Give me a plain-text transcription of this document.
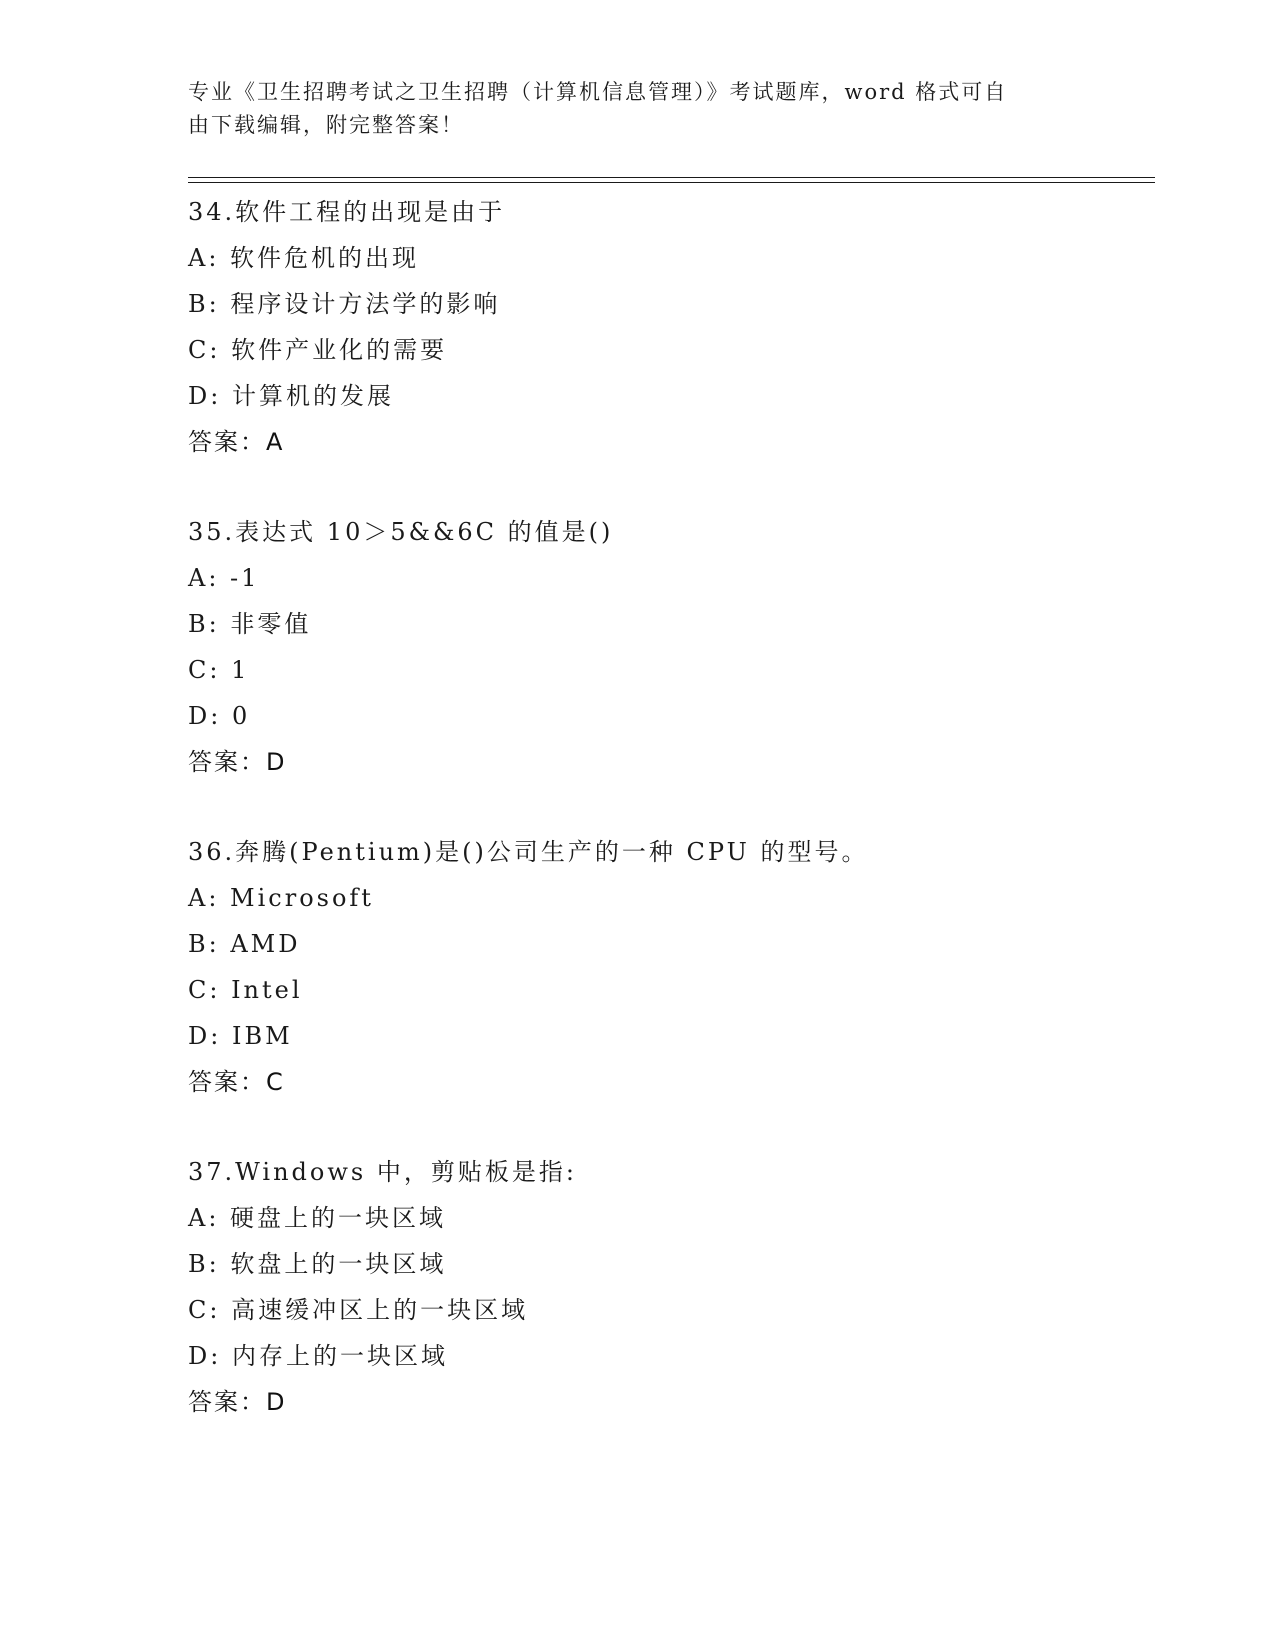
专业《卫生招聘考试之卫生招聘（计算机信息管理）》考试题库，word 格式可自

由下载编辑，附完整答案！

34.软件工程的出现是由于
A: 软件危机的出现
B: 程序设计方法学的影响
C: 软件产业化的需要
D: 计算机的发展
答案：A
35.表达式 10＞5&&6C 的值是()
A: -1
B: 非零值
C: 1
D: 0
答案：D
36.奔腾(Pentium)是()公司生产的一种 CPU 的型号。
A: Microsoft
B: AMD
C: Intel
D: IBM
答案：C
37.Windows 中，剪贴板是指:
A: 硬盘上的一块区域
B: 软盘上的一块区域
C: 高速缓冲区上的一块区域
D: 内存上的一块区域
答案：D
